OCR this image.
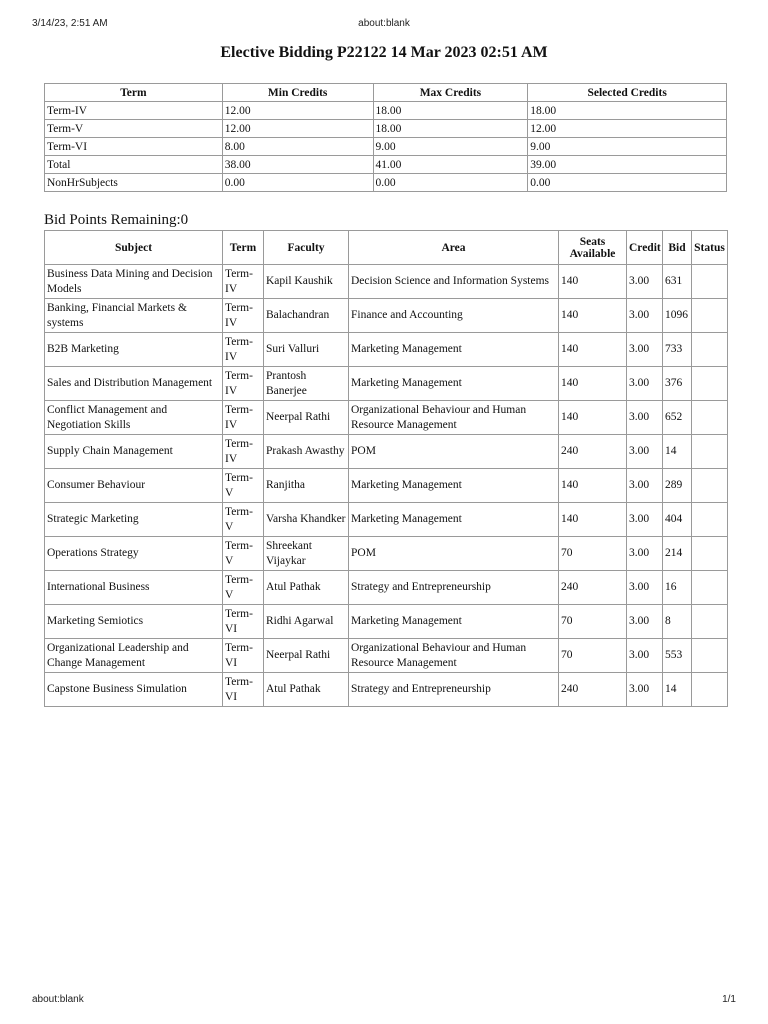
3/14/23, 2:51 AM	about:blank
Elective Bidding P22122 14 Mar 2023 02:51 AM
Term	Min Credits	Max Credits	Selected Credits
Term-IV	12.00	18.00	18.00
Term-V	12.00	18.00	12.00
Term-VI	8.00	9.00	9.00
Total	38.00	41.00	39.00
NonHrSubjects	0.00	0.00	0.00
Bid Points Remaining:0
Subject	Term	Faculty	Area	Seats Available	Credit	Bid	Status
Business Data Mining and Decision Models	Term-IV	Kapil Kaushik	Decision Science and Information Systems	140	3.00	631	
Banking, Financial Markets & systems	Term-IV	Balachandran	Finance and Accounting	140	3.00	1096	
B2B Marketing	Term-IV	Suri Valluri	Marketing Management	140	3.00	733	
Sales and Distribution Management	Term-IV	Prantosh Banerjee	Marketing Management	140	3.00	376	
Conflict Management and Negotiation Skills	Term-IV	Neerpal Rathi	Organizational Behaviour and Human Resource Management	140	3.00	652	
Supply Chain Management	Term-IV	Prakash Awasthy	POM	240	3.00	14	
Consumer Behaviour	Term-V	Ranjitha	Marketing Management	140	3.00	289	
Strategic Marketing	Term-V	Varsha Khandker	Marketing Management	140	3.00	404	
Operations Strategy	Term-V	Shreekant Vijaykar	POM	70	3.00	214	
International Business	Term-V	Atul Pathak	Strategy and Entrepreneurship	240	3.00	16	
Marketing Semiotics	Term-VI	Ridhi Agarwal	Marketing Management	70	3.00	8	
Organizational Leadership and Change Management	Term-VI	Neerpal Rathi	Organizational Behaviour and Human Resource Management	70	3.00	553	
Capstone Business Simulation	Term-VI	Atul Pathak	Strategy and Entrepreneurship	240	3.00	14	
about:blank	1/1
